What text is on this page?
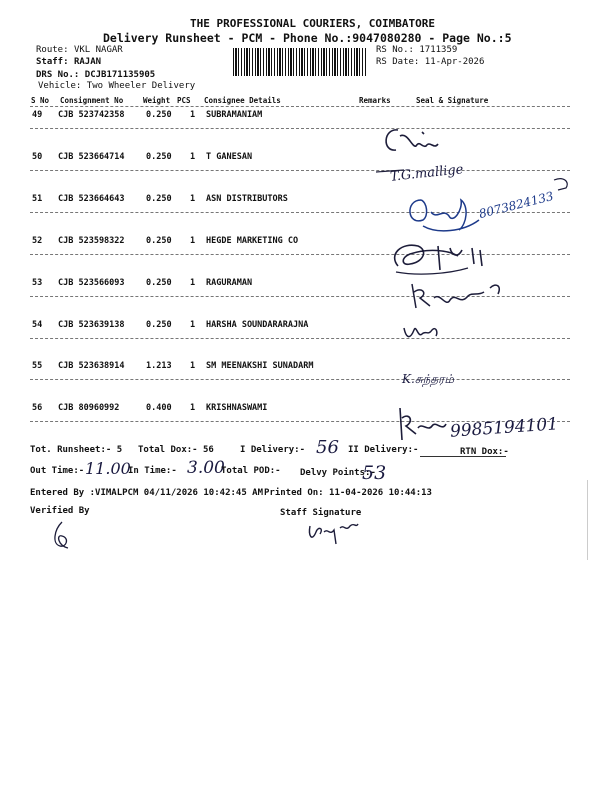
THE PROFESSIONAL COURIERS, COIMBATORE
Delivery Runsheet - PCM - Phone No.:9047080280 - Page No.:5
Route: VKL NAGAR
Staff: RAJAN
DRS No.: DCJB171135905
Vehicle: Two Wheeler Delivery
RS No.: 1711359
RS Date: 11-Apr-2026
S No Consignment No	Weight PCS Consignee Details	Remarks	Seal & Signature
49 CJB 523742358	0.250 1 SUBRAMANIAM
50 CJB 523664714	0.250 1 T GANESAN
51 CJB 523664643	0.250 1 ASN DISTRIBUTORS
52 CJB 523598322	0.250 1 HEGDE MARKETING CO
53 CJB 523566093	0.250 1 RAGURAMAN
54 CJB 523639138	0.250 1 HARSHA SOUNDARARAJNA
55 CJB 523638914	1.213 1 SM MEENAKSHI SUNADARM
56 CJB 80960992	0.400 1 KRISHNASWAMI
T.G.mallige
8073824133
K.சுந்தரம்
9985194101
Tot. Runsheet:- 5 Total Dox:- 56	I Delivery:- 56 II Delivery:-	RTN Dox:-
Out Time:- 11.00
In Time:- 3.00
Total POD:- Delvy Points:-
53
Entered By :VIMALPCM 04/11/2026 10:42:45 AM Printed On: 11-04-2026 10:44:13
Verified By	Staff Signature
